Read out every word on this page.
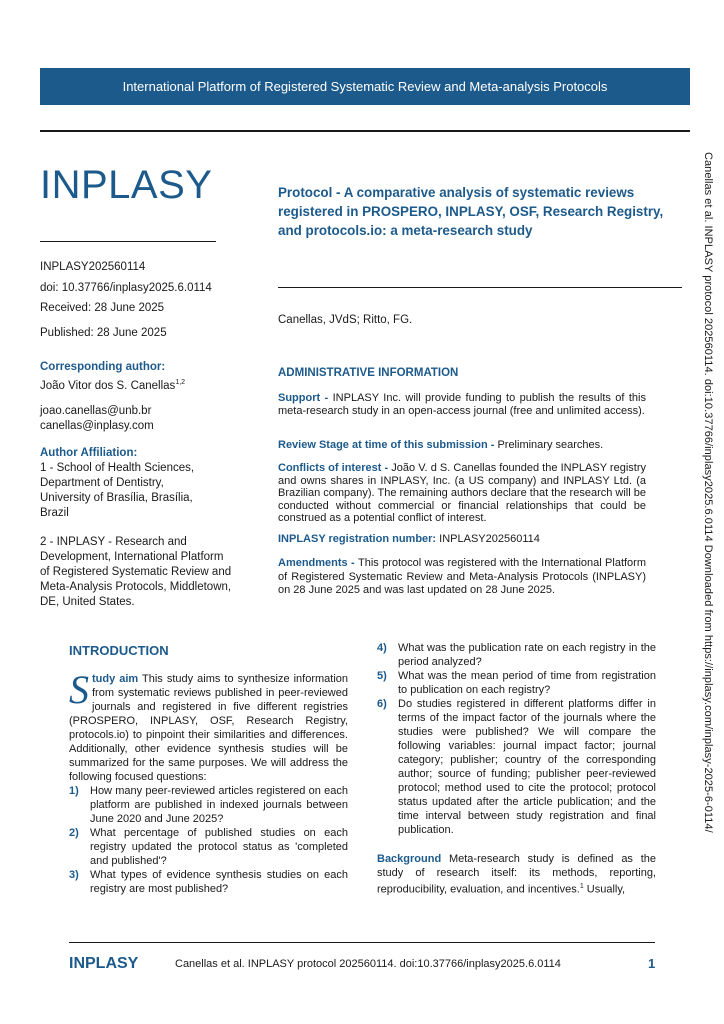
International Platform of Registered Systematic Review and Meta-analysis Protocols
INPLASY
INPLASY202560114
doi: 10.37766/inplasy2025.6.0114
Received: 28 June 2025
Published: 28 June 2025
Corresponding author:
João Vitor dos S. Canellas$^{1,2}$
joao.canellas@unb.br
canellas@inplasy.com
Author Affiliation:
1 - School of Health Sciences, Department of Dentistry, University of Brasília, Brasília, Brazil
2 - INPLASY - Research and Development, International Platform of Registered Systematic Review and Meta-Analysis Protocols, Middletown, DE, United States.
Protocol - A comparative analysis of systematic reviews registered in PROSPERO, INPLASY, OSF, Research Registry, and protocols.io: a meta-research study
Canellas, JVdS; Ritto, FG.
ADMINISTRATIVE INFORMATION
Support - INPLASY Inc. will provide funding to publish the results of this meta-research study in an open-access journal (free and unlimited access).
Review Stage at time of this submission - Preliminary searches.
Conflicts of interest - João V. d S. Canellas founded the INPLASY registry and owns shares in INPLASY, Inc. (a US company) and INPLASY Ltd. (a Brazilian company). The remaining authors declare that the research will be conducted without commercial or financial relationships that could be construed as a potential conflict of interest.
INPLASY registration number: INPLASY202560114
Amendments - This protocol was registered with the International Platform of Registered Systematic Review and Meta-Analysis Protocols (INPLASY) on 28 June 2025 and was last updated on 28 June 2025.
INTRODUCTION

Study aim This study aims to synthesize information from systematic reviews published in peer-reviewed journals and registered in five different registries (PROSPERO, INPLASY, OSF, Research Registry, protocols.io) to pinpoint their similarities and differences. Additionally, other evidence synthesis studies will be summarized for the same purposes. We will address the following focused questions:

1)	How many peer-reviewed articles registered on each platform are published in indexed journals between June 2020 and June 2025?
2)	What percentage of published studies on each registry updated the protocol status as 'completed and published'?
3)	What types of evidence synthesis studies on each registry are most published?
4)	What was the publication rate on each registry in the period analyzed?
5)	What was the mean period of time from registration to publication on each registry?
6)	Do studies registered in different platforms differ in terms of the impact factor of the journals where the studies were published? We will compare the following variables: journal impact factor; journal category; publisher; country of the corresponding author; source of funding; publisher peer-reviewed protocol; method used to cite the protocol; protocol status updated after the article publication; and the time interval between study registration and final publication.

Background Meta-research study is defined as the study of research itself: its methods, reporting, reproducibility, evaluation, and incentives.$^1$ Usually,

INPLASY	Canellas et al. INPLASY protocol 202560114. doi:10.37766/inplasy2025.6.0114	1
Canellas et al. INPLASY protocol 202560114. doi:10.37766/inplasy2025.6.0114 Downloaded from https://inplasy.com/inplasy-2025-6-0114/
